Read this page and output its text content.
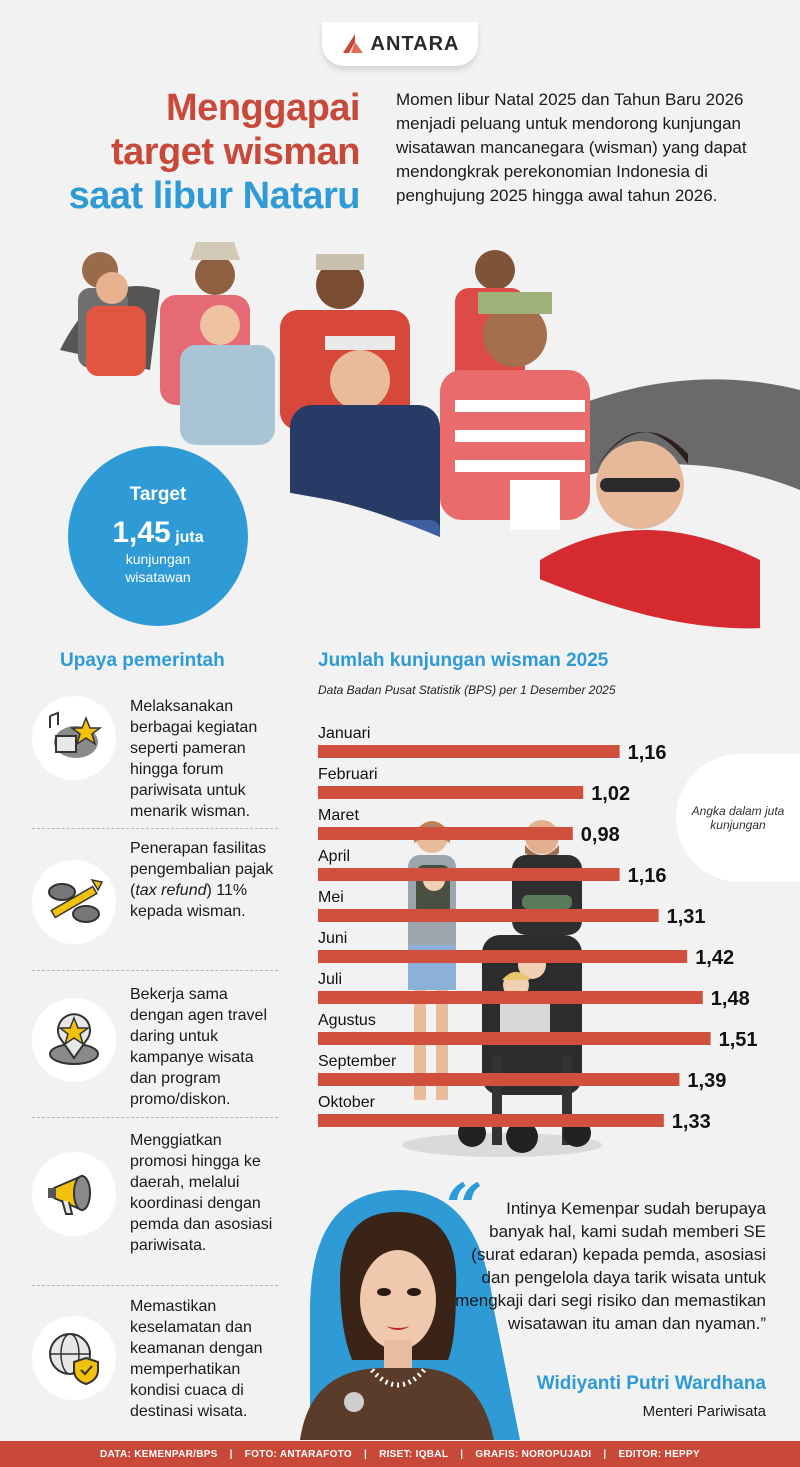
ANTARA
Menggapai
target wisman
saat libur Nataru
Momen libur Natal 2025 dan Tahun Baru 2026 menjadi peluang untuk mendorong kunjungan wisatawan mancanegara (wisman) yang dapat mendongkrak perekonomian Indonesia di penghujung 2025 hingga awal tahun 2026.
Target
1,45 juta
kunjungan
wisatawan
Upaya pemerintah
Melaksanakan berbagai kegiatan seperti pameran hingga forum pariwisata untuk menarik wisman.
Penerapan fasilitas pengembalian pajak (tax refund) 11% kepada wisman.
Bekerja sama dengan agen travel daring untuk kampanye wisata dan program promo/diskon.
Menggiatkan promosi hingga ke daerah, melalui koordinasi dengan pemda dan asosiasi pariwisata.
Memastikan keselamatan dan keamanan dengan memperhatikan kondisi cuaca di destinasi wisata.
Jumlah kunjungan wisman 2025
Data Badan Pusat Statistik (BPS) per 1 Desember 2025
Januari
1,16
Februari
1,02
Maret
0,98
April
1,16
Mei
1,31
Juni
1,42
Juli
1,48
Agustus
1,51
September
1,39
Oktober
1,33
Angka dalam juta kunjungan
“	Intinya Kemenpar sudah berupaya banyak hal, kami sudah memberi SE (surat edaran) kepada pemda, asosiasi dan pengelola daya tarik wisata untuk mengkaji dari segi risiko dan memastikan wisatawan itu aman dan nyaman.”
Widiyanti Putri Wardhana
Menteri Pariwisata
DATA: KEMENPAR/BPS | FOTO: ANTARAFOTO | RISET: IQBAL | GRAFIS: NOROPUJADI | EDITOR: HEPPY
